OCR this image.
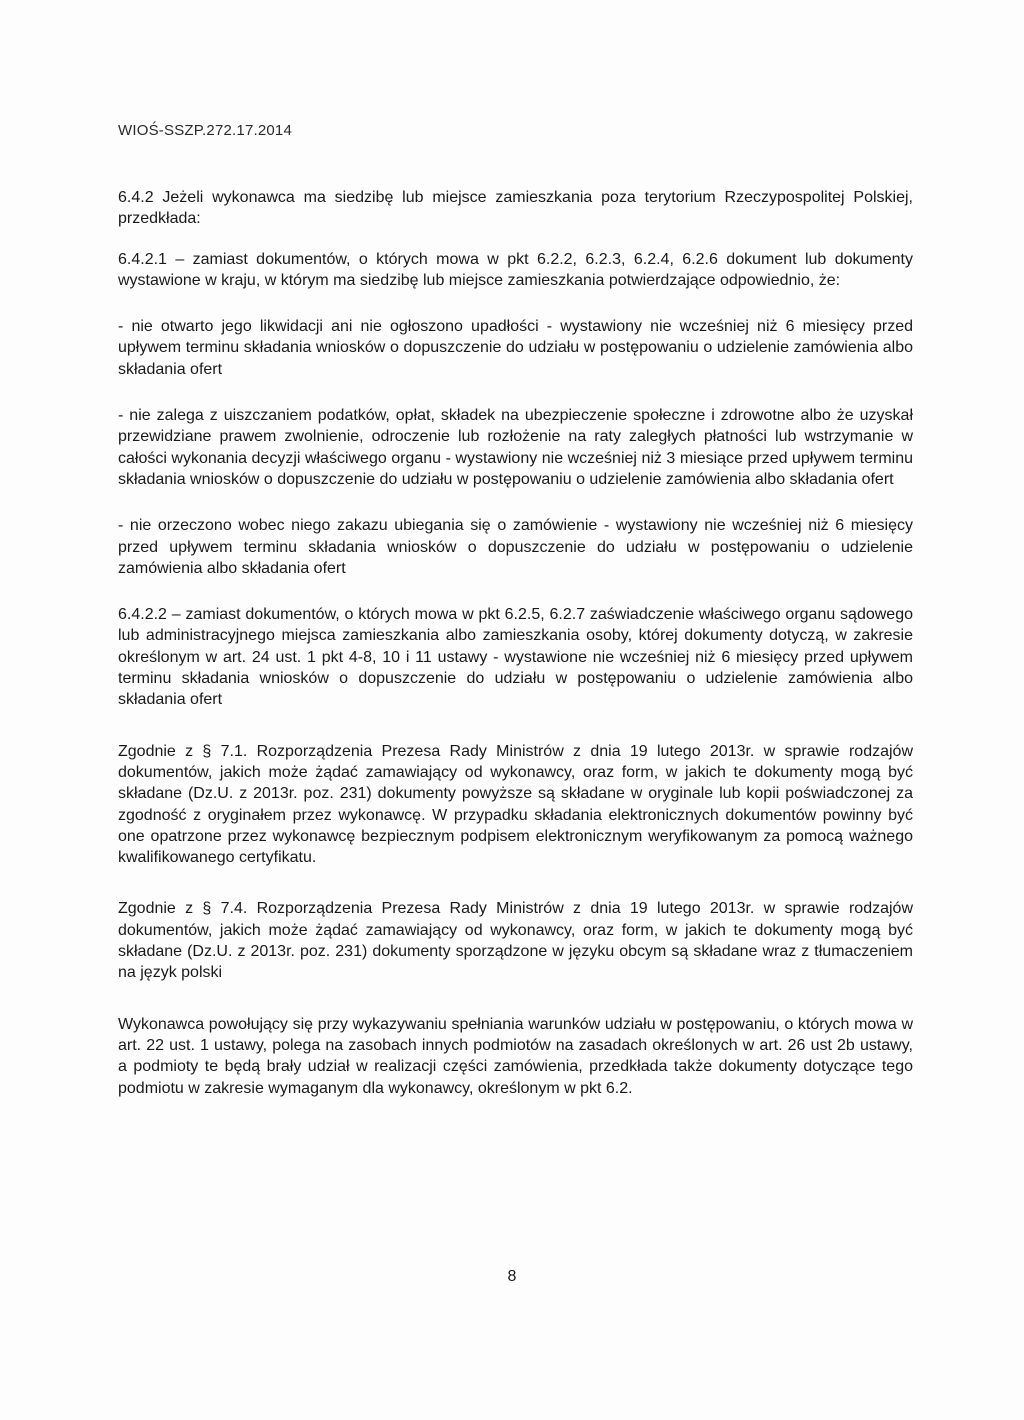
WIOŚ-SSZP.272.17.2014

6.4.2 Jeżeli wykonawca ma siedzibę lub miejsce zamieszkania poza terytorium Rzeczypospolitej Polskiej, przedkłada:

6.4.2.1 – zamiast dokumentów, o których mowa w pkt 6.2.2, 6.2.3, 6.2.4, 6.2.6 dokument lub dokumenty wystawione w kraju, w którym ma siedzibę lub miejsce zamieszkania potwierdzające odpowiednio, że:

- nie otwarto jego likwidacji ani nie ogłoszono upadłości - wystawiony nie wcześniej niż 6 miesięcy przed upływem terminu składania wniosków o dopuszczenie do udziału w postępowaniu o udzielenie zamówienia albo składania ofert

- nie zalega z uiszczaniem podatków, opłat, składek na ubezpieczenie społeczne i zdrowotne albo że uzyskał przewidziane prawem zwolnienie, odroczenie lub rozłożenie na raty zaległych płatności lub wstrzymanie w całości wykonania decyzji właściwego organu - wystawiony nie wcześniej niż 3 miesiące przed upływem terminu składania wniosków o dopuszczenie do udziału w postępowaniu o udzielenie zamówienia albo składania ofert

- nie orzeczono wobec niego zakazu ubiegania się o zamówienie - wystawiony nie wcześniej niż 6 miesięcy przed upływem terminu składania wniosków o dopuszczenie do udziału w postępowaniu o udzielenie zamówienia albo składania ofert

6.4.2.2 – zamiast dokumentów, o których mowa w pkt 6.2.5, 6.2.7 zaświadczenie właściwego organu sądowego lub administracyjnego miejsca zamieszkania albo zamieszkania osoby, której dokumenty dotyczą, w zakresie określonym w art. 24 ust. 1 pkt 4-8, 10 i 11 ustawy - wystawione nie wcześniej niż 6 miesięcy przed upływem terminu składania wniosków o dopuszczenie do udziału w postępowaniu o udzielenie zamówienia albo składania ofert

Zgodnie z § 7.1. Rozporządzenia Prezesa Rady Ministrów z dnia 19 lutego 2013r. w sprawie rodzajów dokumentów, jakich może żądać zamawiający od wykonawcy, oraz form, w jakich te dokumenty mogą być składane (Dz.U. z 2013r. poz. 231) dokumenty powyższe są składane w oryginale lub kopii poświadczonej za zgodność z oryginałem przez wykonawcę. W przypadku składania elektronicznych dokumentów powinny być one opatrzone przez wykonawcę bezpiecznym podpisem elektronicznym weryfikowanym za pomocą ważnego kwalifikowanego certyfikatu.

Zgodnie z § 7.4. Rozporządzenia Prezesa Rady Ministrów z dnia 19 lutego 2013r. w sprawie rodzajów dokumentów, jakich może żądać zamawiający od wykonawcy, oraz form, w jakich te dokumenty mogą być składane (Dz.U. z 2013r. poz. 231) dokumenty sporządzone w języku obcym są składane wraz z tłumaczeniem na język polski

Wykonawca powołujący się przy wykazywaniu spełniania warunków udziału w postępowaniu, o których mowa w art. 22 ust. 1 ustawy, polega na zasobach innych podmiotów na zasadach określonych w art. 26 ust 2b ustawy, a podmioty te będą brały udział w realizacji części zamówienia, przedkłada także dokumenty dotyczące tego podmiotu w zakresie wymaganym dla wykonawcy, określonym w pkt 6.2.

8
